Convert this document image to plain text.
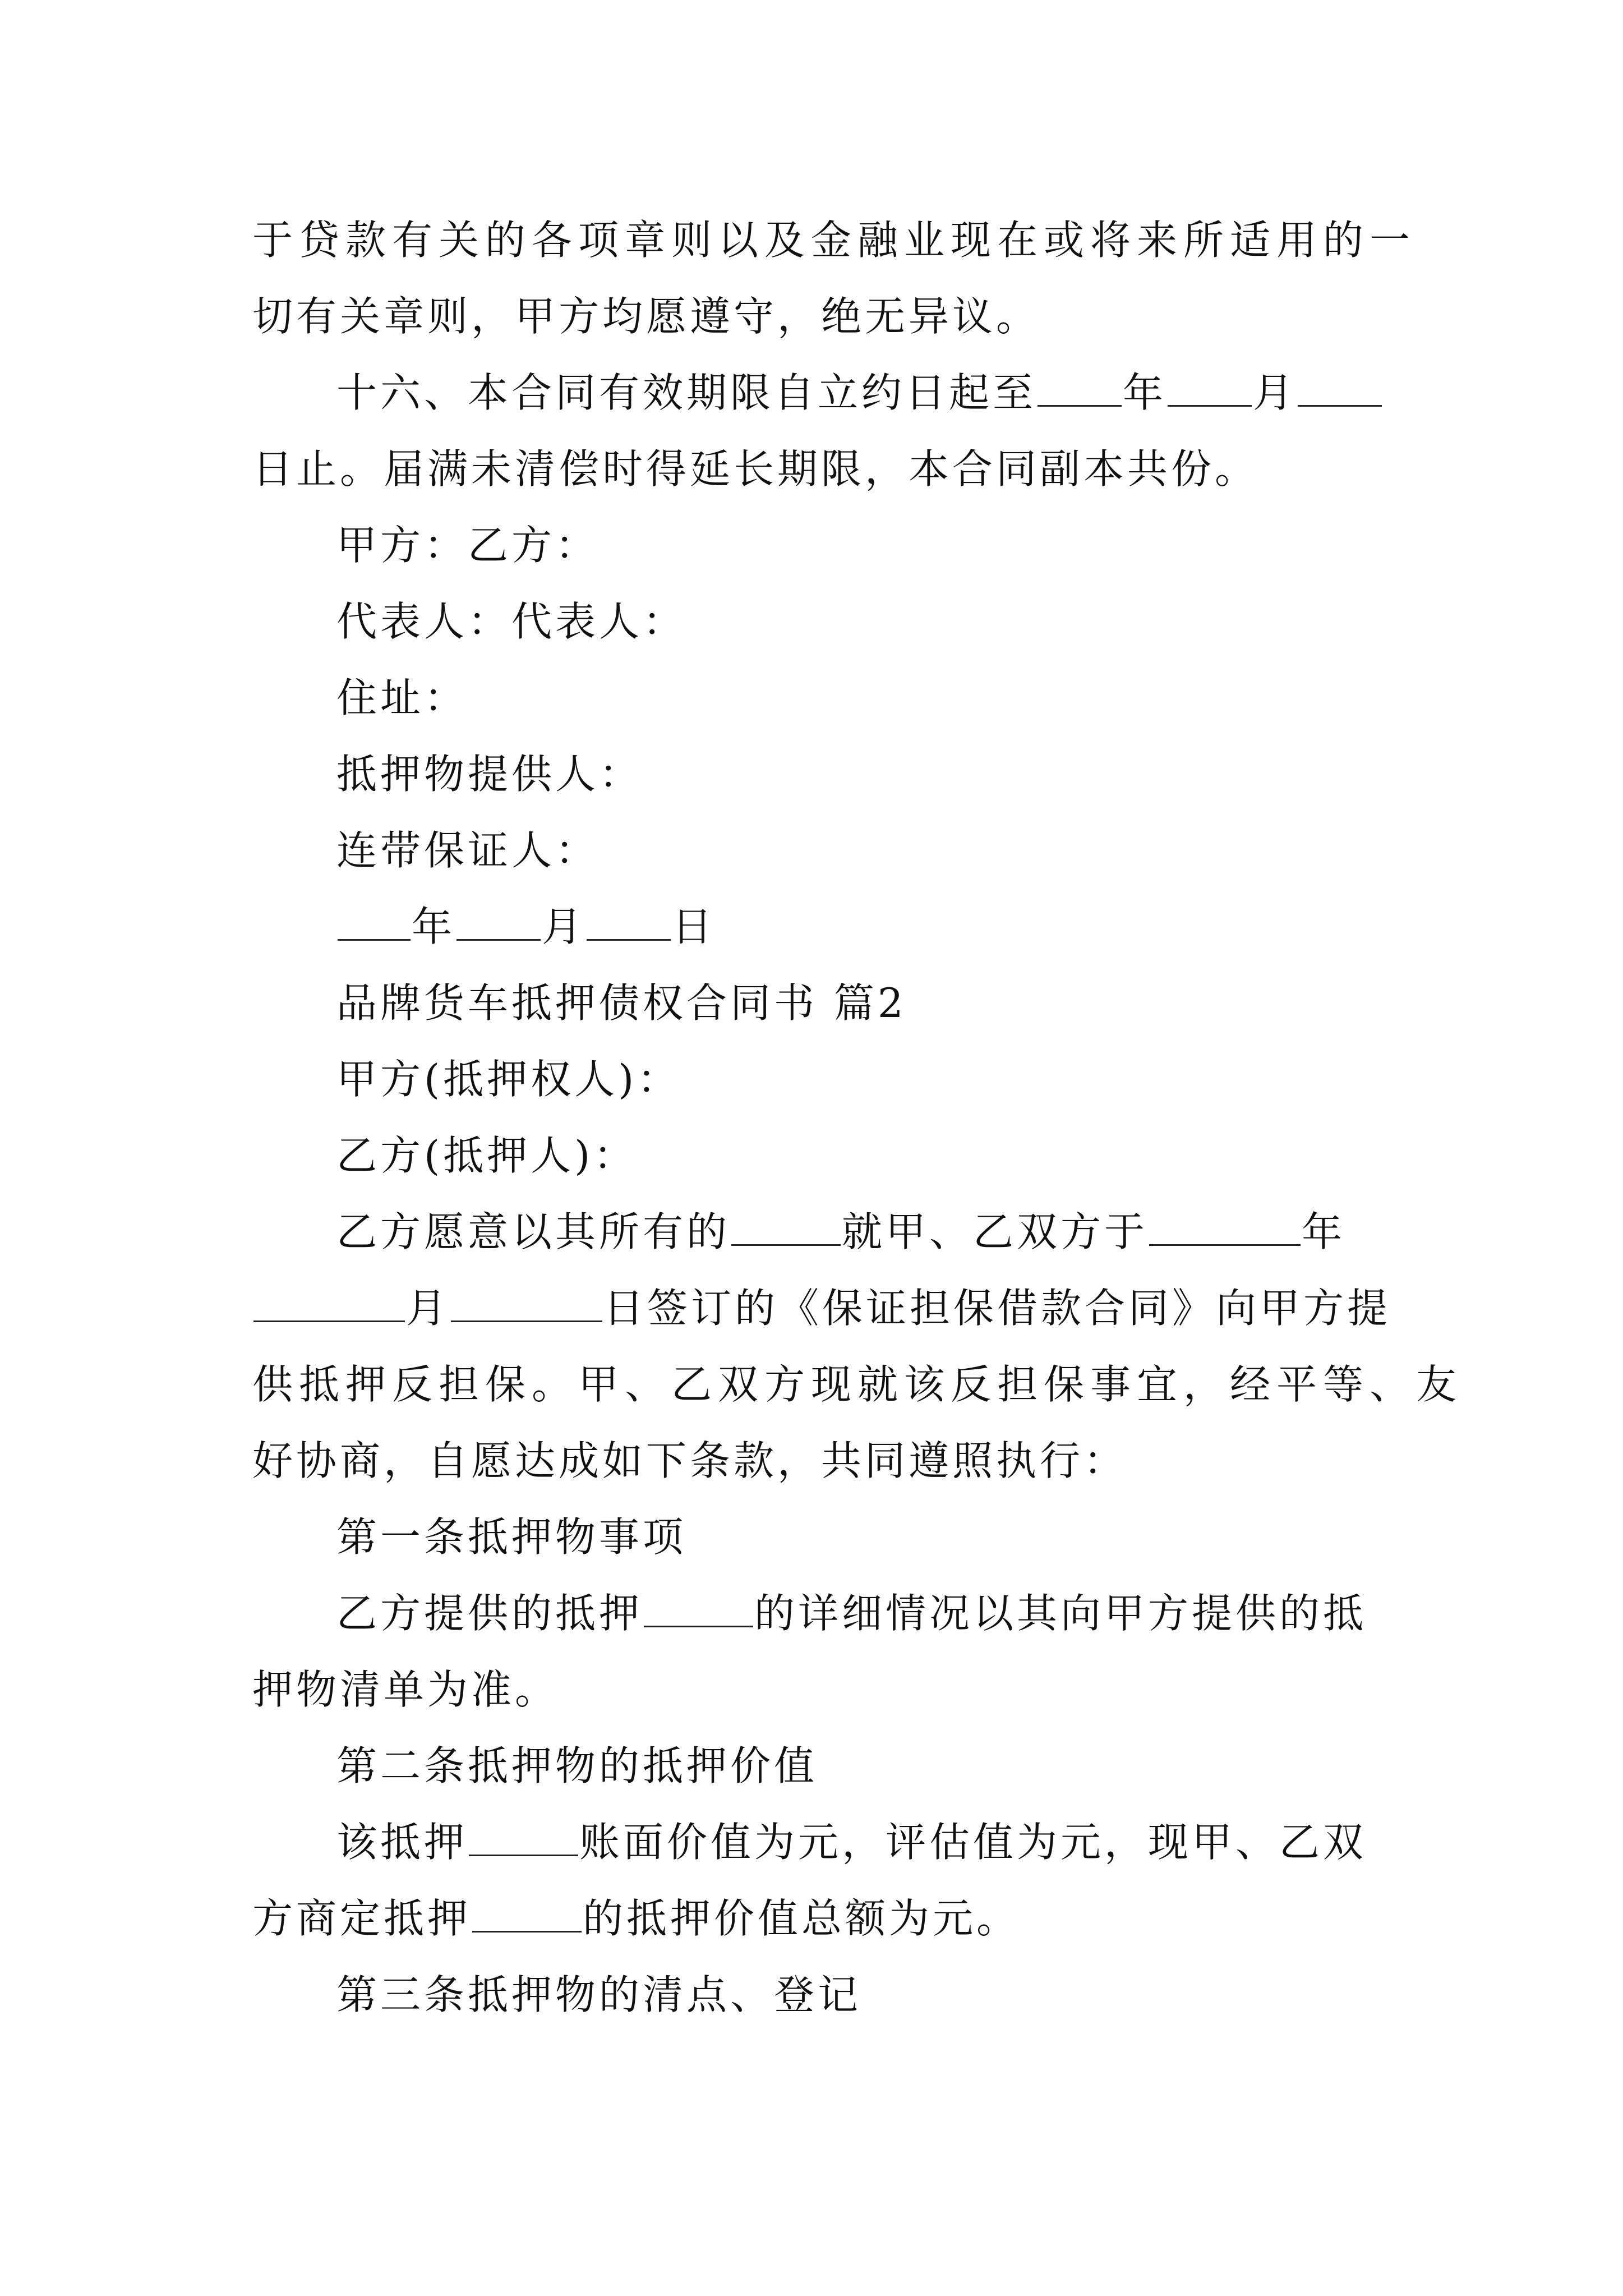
于贷款有关的各项章则以及金融业现在或将来所适用的一
切有关章则，甲方均愿遵守，绝无异议。
十六、本合同有效期限自立约日起至 年 月
日止。届满未清偿时得延长期限，本合同副本共份。
甲方：乙方：
代表人：代表人：
住址：
抵押物提供人：
连带保证人：
年 月 日
品牌货车抵押债权合同书 篇2
甲方(抵押权人)：
乙方(抵押人)：
乙方愿意以其所有的	就甲、乙双方于	年
月	日签订的《保证担保借款合同》向甲方提
供抵押反担保。甲、乙双方现就该反担保事宜，经平等、友
好协商，自愿达成如下条款，共同遵照执行：
第一条抵押物事项
乙方提供的抵押	的详细情况以其向甲方提供的抵
押物清单为准。
第二条抵押物的抵押价值
该抵押	账面价值为元，评估值为元，现甲、乙双
方商定抵押	的抵押价值总额为元。
第三条抵押物的清点、登记
